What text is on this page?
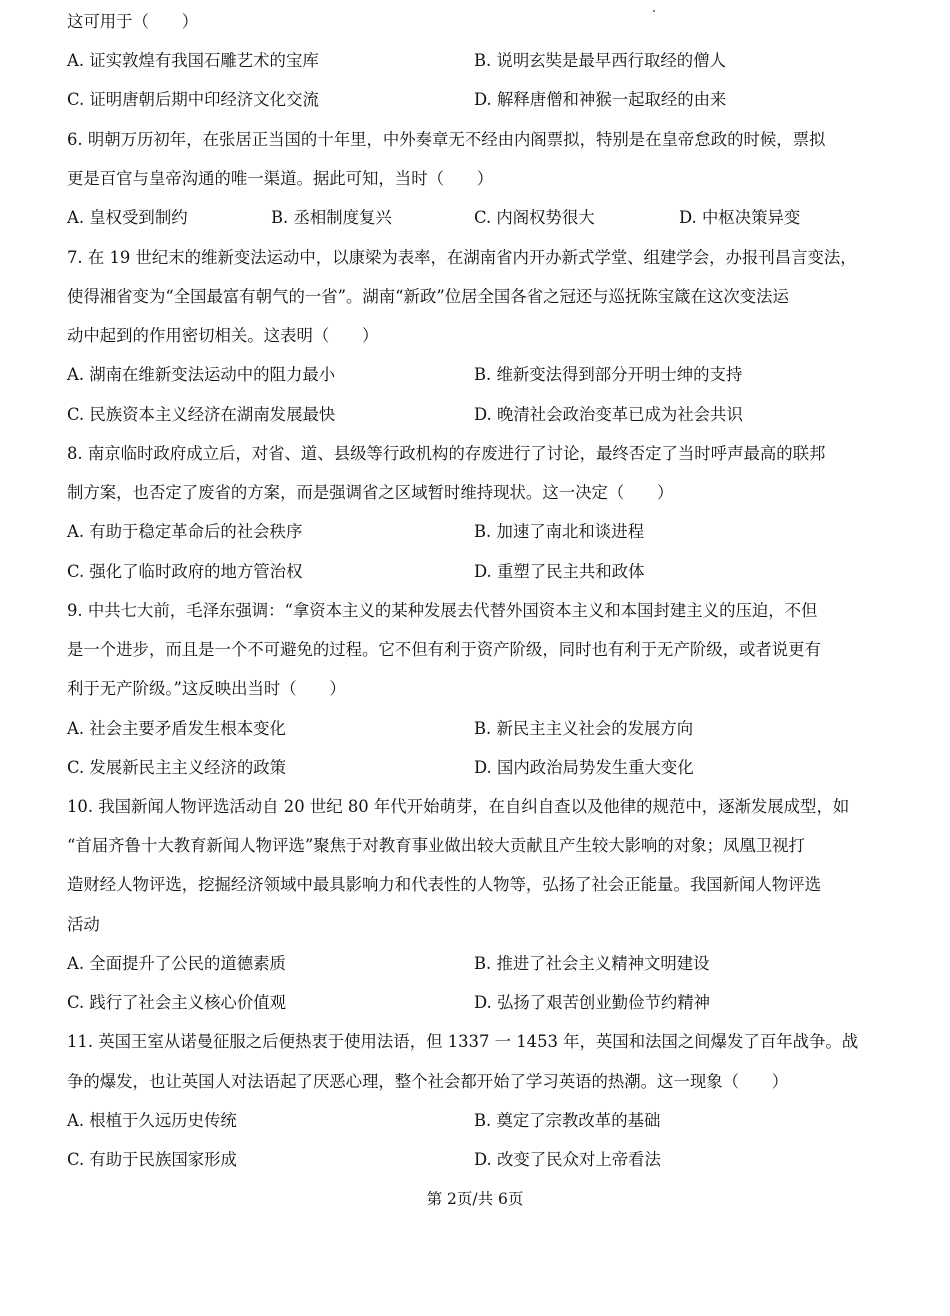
这可用于（　　）
A. 证实敦煌有我国石雕艺术的宝库	B. 说明玄奘是最早西行取经的僧人
C. 证明唐朝后期中印经济文化交流	D. 解释唐僧和神猴一起取经的由来
6. 明朝万历初年，在张居正当国的十年里，中外奏章无不经由内阁票拟，特别是在皇帝怠政的时候，票拟
更是百官与皇帝沟通的唯一渠道。据此可知，当时（　　）
A. 皇权受到制约	B. 丞相制度复兴	C. 内阁权势很大	D. 中枢决策异变
7. 在 19 世纪末的维新变法运动中，以康梁为表率，在湖南省内开办新式学堂、组建学会，办报刊昌言变法，
使得湘省变为“全国最富有朝气的一省”。湖南“新政”位居全国各省之冠还与巡抚陈宝箴在这次变法运
动中起到的作用密切相关。这表明（　　）
A. 湖南在维新变法运动中的阻力最小	B. 维新变法得到部分开明士绅的支持
C. 民族资本主义经济在湖南发展最快	D. 晚清社会政治变革已成为社会共识
8. 南京临时政府成立后，对省、道、县级等行政机构的存废进行了讨论，最终否定了当时呼声最高的联邦
制方案，也否定了废省的方案，而是强调省之区域暂时维持现状。这一决定（　　）
A. 有助于稳定革命后的社会秩序	B. 加速了南北和谈进程
C. 强化了临时政府的地方管治权	D. 重塑了民主共和政体
9. 中共七大前，毛泽东强调：“拿资本主义的某种发展去代替外国资本主义和本国封建主义的压迫，不但
是一个进步，而且是一个不可避免的过程。它不但有利于资产阶级，同时也有利于无产阶级，或者说更有
利于无产阶级。”这反映出当时（　　）
A. 社会主要矛盾发生根本变化	B. 新民主主义社会的发展方向
C. 发展新民主主义经济的政策	D. 国内政治局势发生重大变化
10. 我国新闻人物评选活动自 20 世纪 80 年代开始萌芽，在自纠自查以及他律的规范中，逐渐发展成型，如
“首届齐鲁十大教育新闻人物评选”聚焦于对教育事业做出较大贡献且产生较大影响的对象；凤凰卫视打
造财经人物评选，挖掘经济领域中最具影响力和代表性的人物等，弘扬了社会正能量。我国新闻人物评选
活动
A. 全面提升了公民的道德素质	B. 推进了社会主义精神文明建设
C. 践行了社会主义核心价值观	D. 弘扬了艰苦创业勤俭节约精神
11. 英国王室从诺曼征服之后便热衷于使用法语，但 1337 一 1453 年，英国和法国之间爆发了百年战争。战
争的爆发，也让英国人对法语起了厌恶心理，整个社会都开始了学习英语的热潮。这一现象（　　）
A. 根植于久远历史传统	B. 奠定了宗教改革的基础
C. 有助于民族国家形成	D. 改变了民众对上帝看法
第 2页/共 6页
